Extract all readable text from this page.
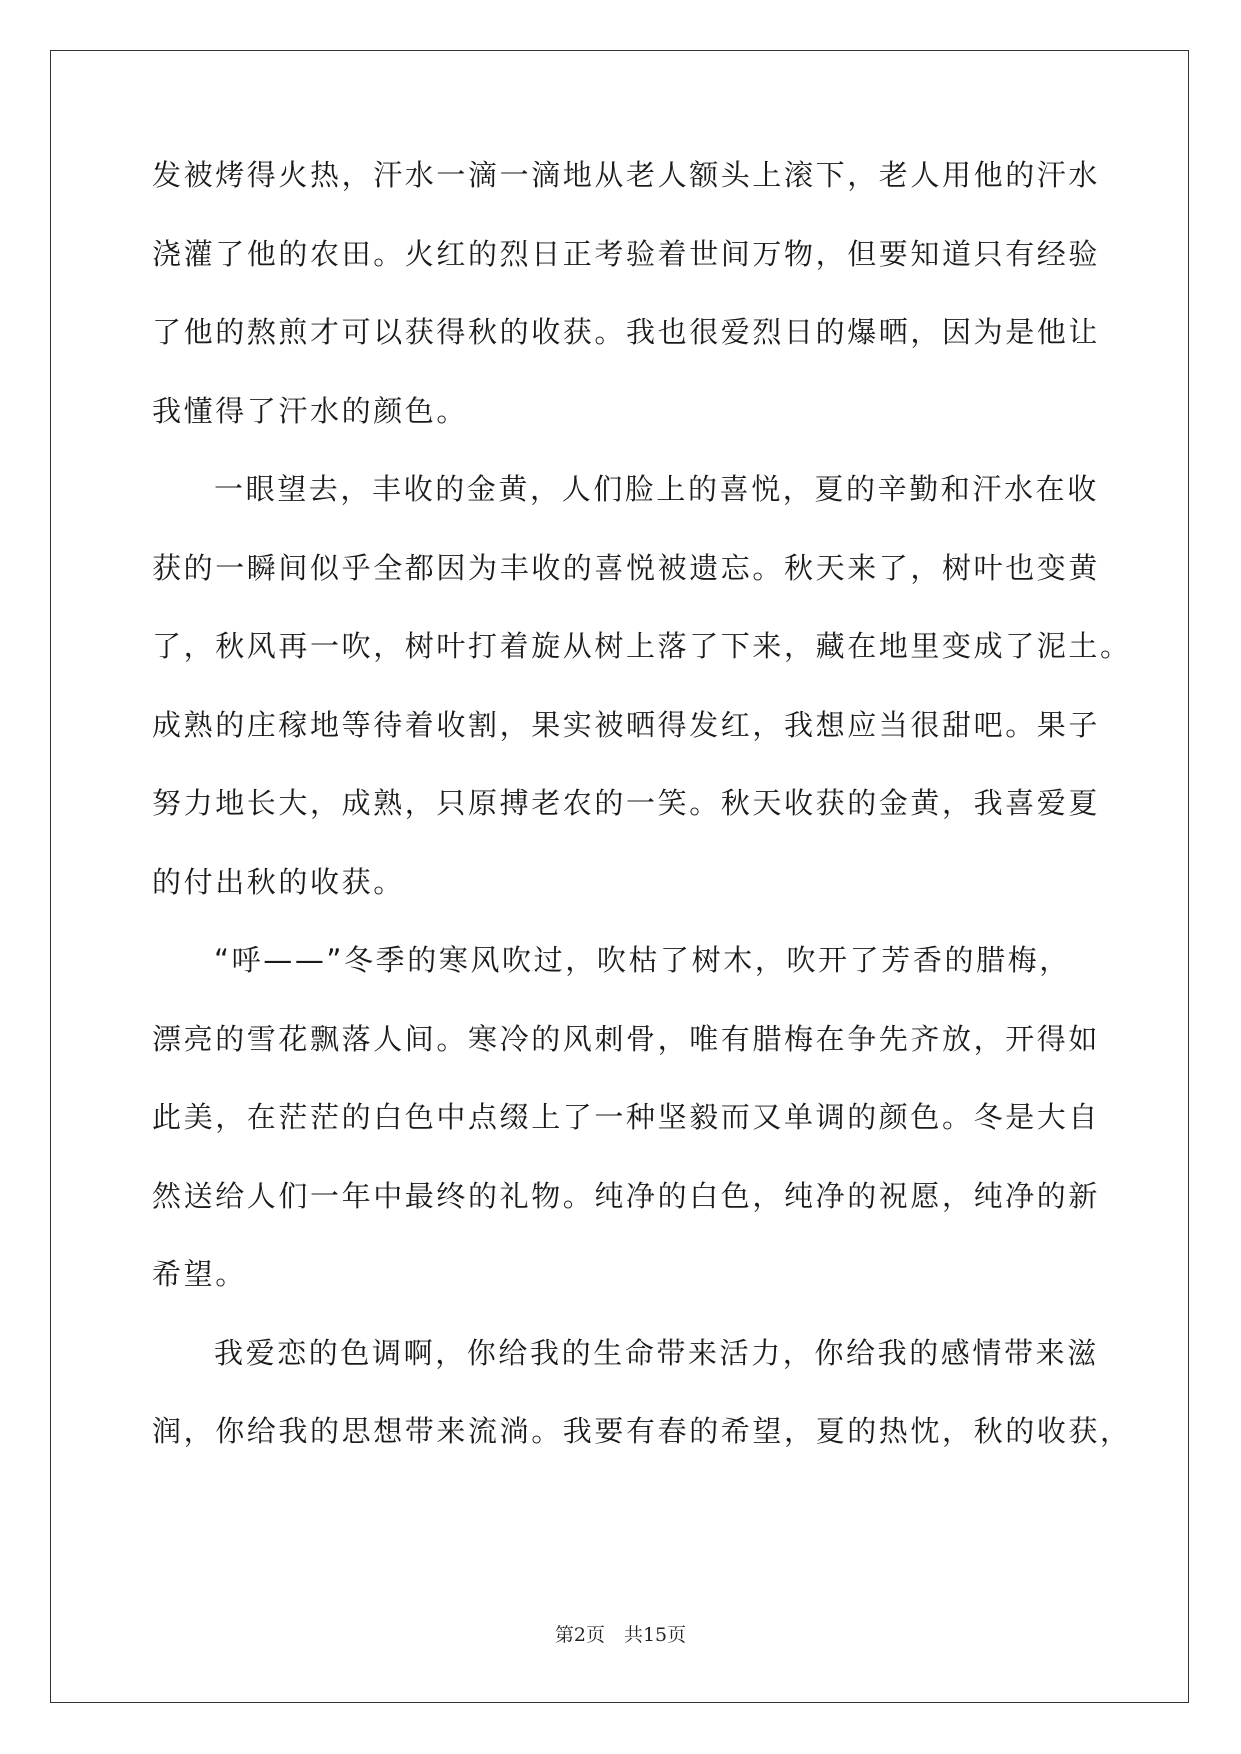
发被烤得火热，汗水一滴一滴地从老人额头上滚下，老人用他的汗水
浇灌了他的农田。火红的烈日正考验着世间万物，但要知道只有经验
了他的熬煎才可以获得秋的收获。我也很爱烈日的爆晒，因为是他让
我懂得了汗水的颜色。
一眼望去，丰收的金黄，人们脸上的喜悦，夏的辛勤和汗水在收
获的一瞬间似乎全都因为丰收的喜悦被遗忘。秋天来了，树叶也变黄
了，秋风再一吹，树叶打着旋从树上落了下来，藏在地里变成了泥土。
成熟的庄稼地等待着收割，果实被晒得发红，我想应当很甜吧。果子
努力地长大，成熟，只原搏老农的一笑。秋天收获的金黄，我喜爱夏
的付出秋的收获。
“呼——”冬季的寒风吹过，吹枯了树木，吹开了芳香的腊梅，
漂亮的雪花飘落人间。寒冷的风刺骨，唯有腊梅在争先齐放，开得如
此美，在茫茫的白色中点缀上了一种坚毅而又单调的颜色。冬是大自
然送给人们一年中最终的礼物。纯净的白色，纯净的祝愿，纯净的新
希望。
我爱恋的色调啊，你给我的生命带来活力，你给我的感情带来滋
润，你给我的思想带来流淌。我要有春的希望，夏的热忱，秋的收获，
第2页　共15页
